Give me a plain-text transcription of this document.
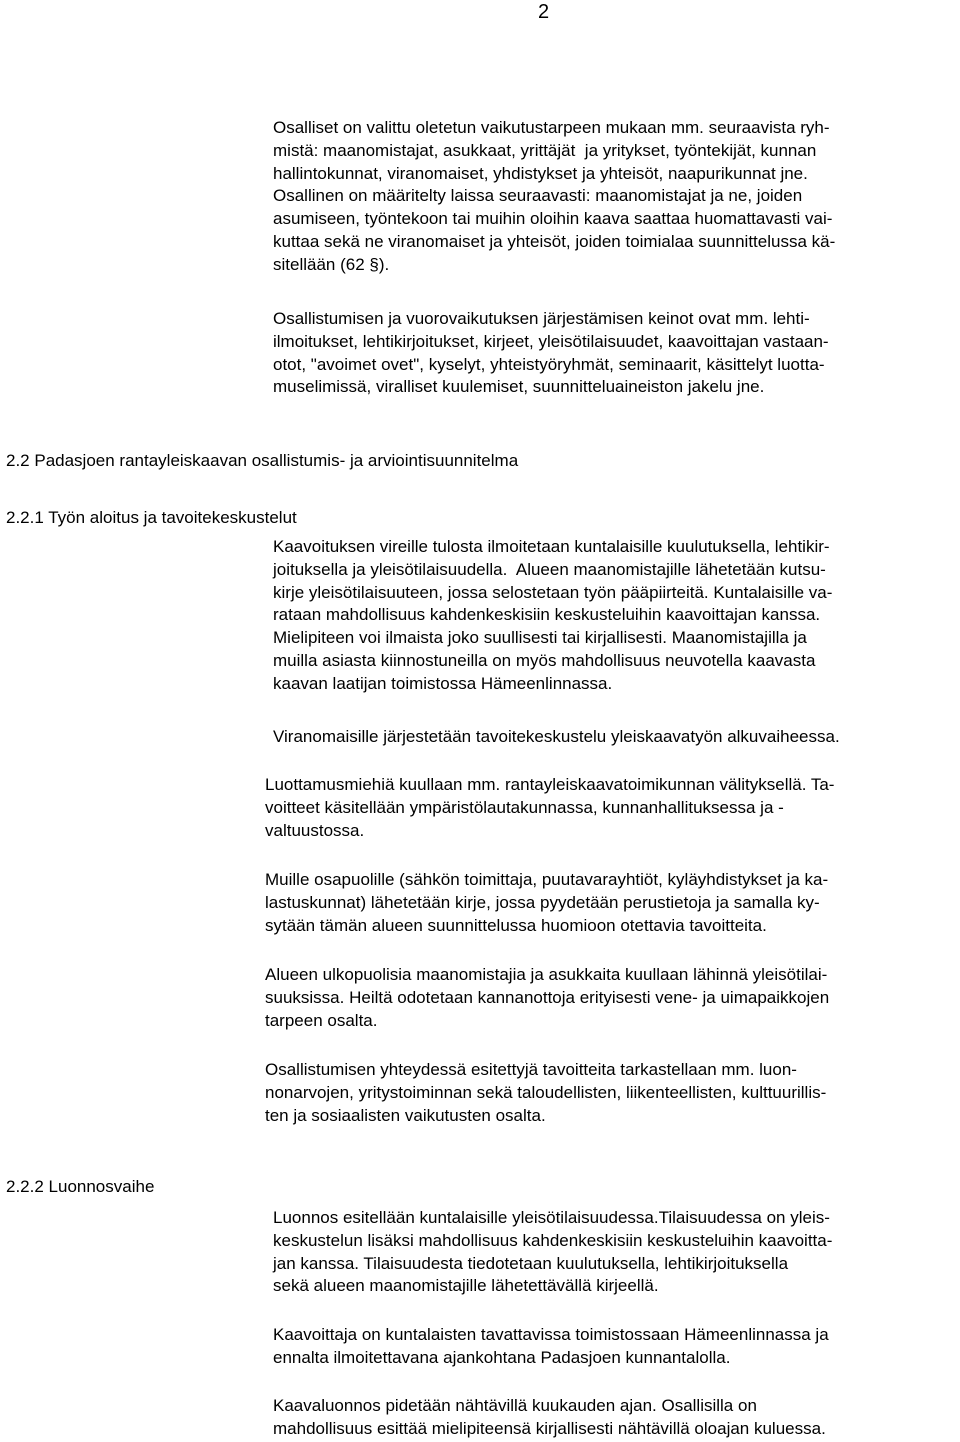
2
Osalliset on valittu oletetun vaikutustarpeen mukaan mm. seuraavista ryh-
mistä: maanomistajat, asukkaat, yrittäjät  ja yritykset, työntekijät, kunnan
hallintokunnat, viranomaiset, yhdistykset ja yhteisöt, naapurikunnat jne.
Osallinen on määritelty laissa seuraavasti: maanomistajat ja ne, joiden
asumiseen, työntekoon tai muihin oloihin kaava saattaa huomattavasti vai-
kuttaa sekä ne viranomaiset ja yhteisöt, joiden toimialaa suunnittelussa kä-
sitellään (62 §).
Osallistumisen ja vuorovaikutuksen järjestämisen keinot ovat mm. lehti-
ilmoitukset, lehtikirjoitukset, kirjeet, yleisötilaisuudet, kaavoittajan vastaan-
otot, "avoimet ovet", kyselyt, yhteistyöryhmät, seminaarit, käsittelyt luotta-
muselimissä, viralliset kuulemiset, suunnitteluaineiston jakelu jne.
2.2 Padasjoen rantayleiskaavan osallistumis- ja arviointisuunnitelma
2.2.1 Työn aloitus ja tavoitekeskustelut
Kaavoituksen vireille tulosta ilmoitetaan kuntalaisille kuulutuksella, lehtikir-
joituksella ja yleisötilaisuudella.  Alueen maanomistajille lähetetään kutsu-
kirje yleisötilaisuuteen, jossa selostetaan työn pääpiirteitä. Kuntalaisille va-
rataan mahdollisuus kahdenkeskisiin keskusteluihin kaavoittajan kanssa.
Mielipiteen voi ilmaista joko suullisesti tai kirjallisesti. Maanomistajilla ja
muilla asiasta kiinnostuneilla on myös mahdollisuus neuvotella kaavasta
kaavan laatijan toimistossa Hämeenlinnassa.
Viranomaisille järjestetään tavoitekeskustelu yleiskaavatyön alkuvaiheessa.
Luottamusmiehiä kuullaan mm. rantayleiskaavatoimikunnan välityksellä. Ta-
voitteet käsitellään ympäristölautakunnassa, kunnanhallituksessa ja -
valtuustossa.
Muille osapuolille (sähkön toimittaja, puutavarayhtiöt, kyläyhdistykset ja ka-
lastuskunnat) lähetetään kirje, jossa pyydetään perustietoja ja samalla ky-
sytään tämän alueen suunnittelussa huomioon otettavia tavoitteita.
Alueen ulkopuolisia maanomistajia ja asukkaita kuullaan lähinnä yleisötilai-
suuksissa. Heiltä odotetaan kannanottoja erityisesti vene- ja uimapaikkojen
tarpeen osalta.
Osallistumisen yhteydessä esitettyjä tavoitteita tarkastellaan mm. luon-
nonarvojen, yritystoiminnan sekä taloudellisten, liikenteellisten, kulttuurillis-
ten ja sosiaalisten vaikutusten osalta.
2.2.2 Luonnosvaihe
Luonnos esitellään kuntalaisille yleisötilaisuudessa.Tilaisuudessa on yleis-
keskustelun lisäksi mahdollisuus kahdenkeskisiin keskusteluihin kaavoitta-
jan kanssa. Tilaisuudesta tiedotetaan kuulutuksella, lehtikirjoituksella
sekä alueen maanomistajille lähetettävällä kirjeellä.
Kaavoittaja on kuntalaisten tavattavissa toimistossaan Hämeenlinnassa ja
ennalta ilmoitettavana ajankohtana Padasjoen kunnantalolla.
Kaavaluonnos pidetään nähtävillä kuukauden ajan. Osallisilla on
mahdollisuus esittää mielipiteensä kirjallisesti nähtävillä oloajan kuluessa.
